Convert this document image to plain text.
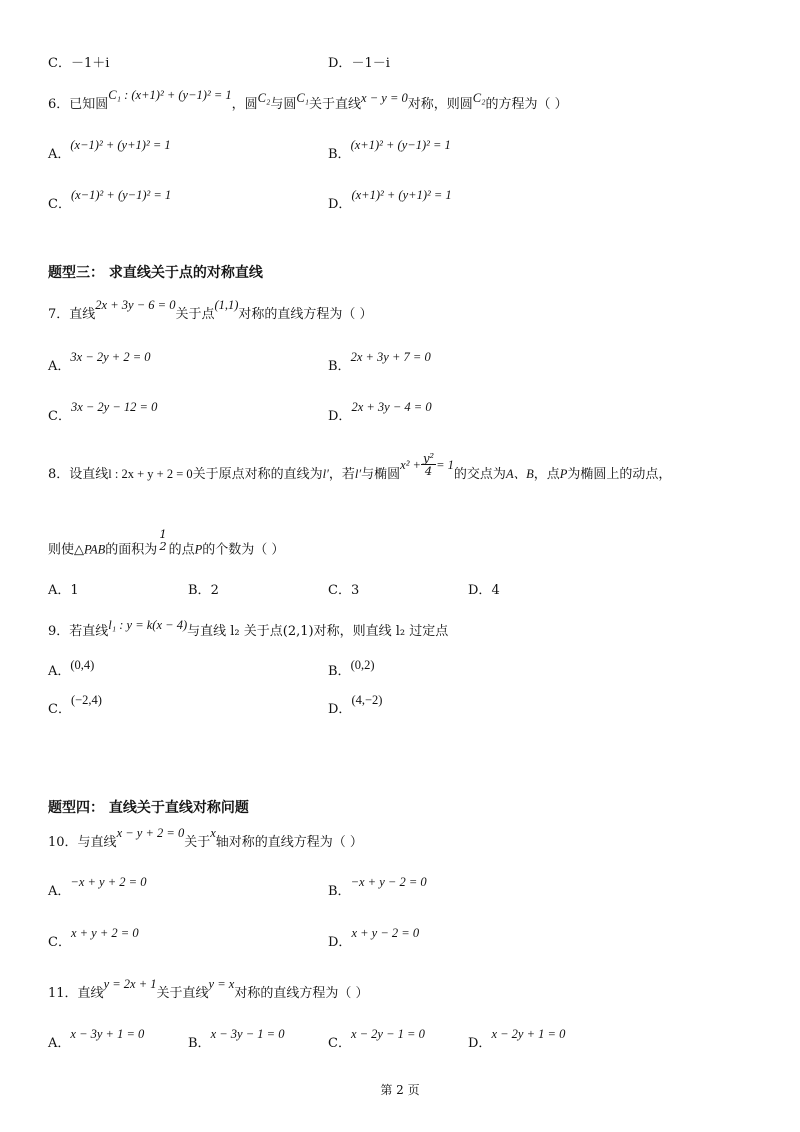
C．－1＋i	D．－1－i
6．已知圆C₁ : (x+1)² + (y−1)² = 1，圆C₂与圆C₁关于直线x − y = 0对称，则圆C₂的方程为（ ）
A．(x−1)² + (y+1)² = 1
B．(x+1)² + (y−1)² = 1
C．(x−1)² + (y−1)² = 1
D．(x+1)² + (y+1)² = 1
题型三： 求直线关于点的对称直线
7．直线2x + 3y − 6 = 0关于点(1,1)对称的直线方程为（ ）
A．3x − 2y + 2 = 0
B．2x + 3y + 7 = 0
C．3x − 2y − 12 = 0
D．2x + 3y − 4 = 0
8．设直线l : 2x + y + 2 = 0关于原点对称的直线为l′，若l′与椭圆$x^2 + \frac{\text{y²}}{4} = 1$的交点为A、B，点P为椭圆上的动点，
则使△PAB的面积为
1
2 的点P的个数为（ ）
A．1	B．2	C．3	D．4
9．若直线l₁ : y = k(x − 4)与直线 l₂ 关于点(2,1)对称，则直线 l₂ 过定点
A．(0,4)	B．(0,2)
C．(−2,4)
D．(4,−2)
题型四： 直线关于直线对称问题
10．与直线x − y + 2 = 0关于x轴对称的直线方程为（ ）
A．−x + y + 2 = 0
B．−x + y − 2 = 0
C．x + y + 2 = 0
D．x + y − 2 = 0
11．直线y = 2x + 1关于直线y = x对称的直线方程为（ ）
A．x − 3y + 1 = 0
B．x − 3y − 1 = 0
C．x − 2y − 1 = 0
D．x − 2y + 1 = 0
第 2 页
